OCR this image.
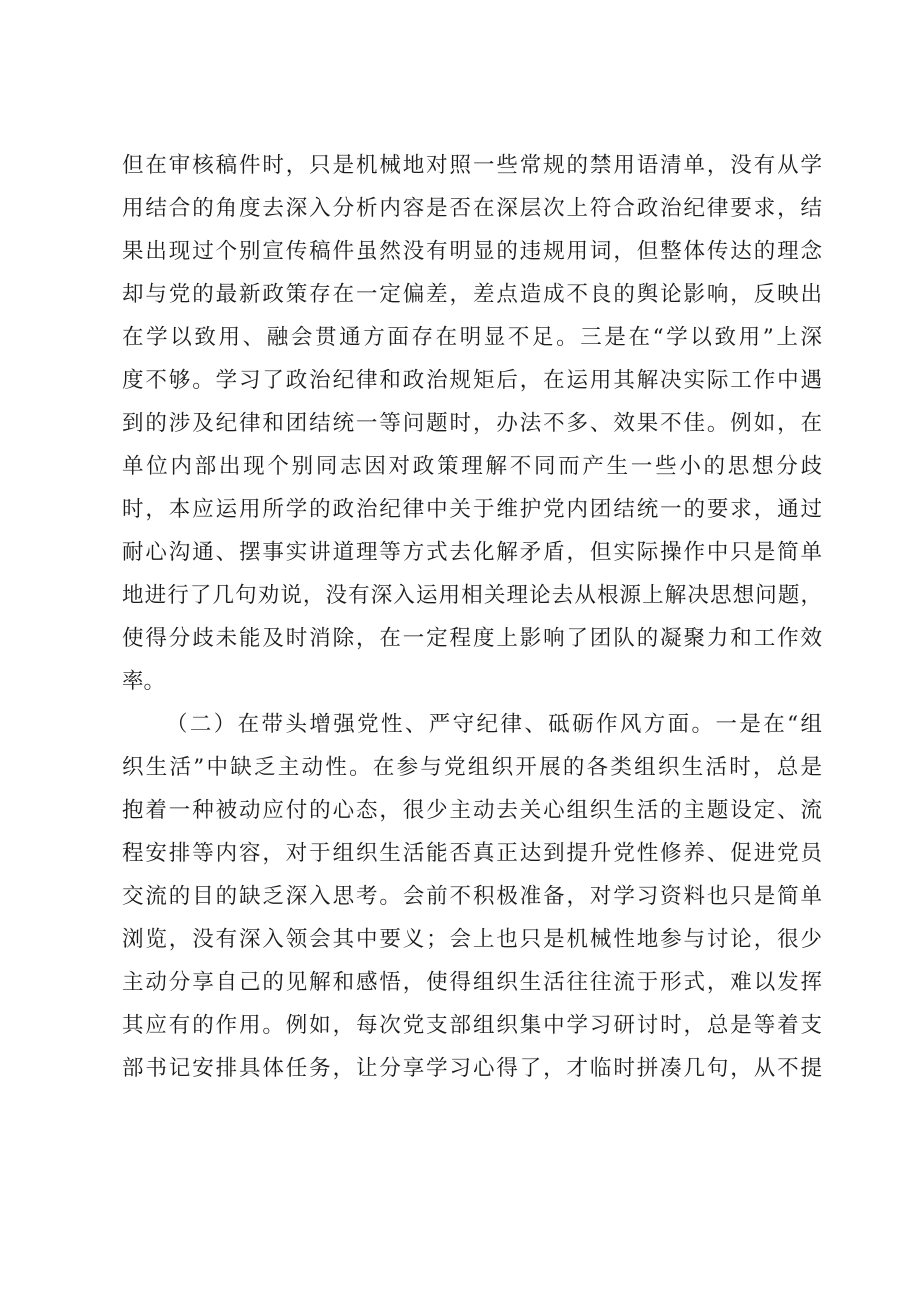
但在审核稿件时，只是机械地对照一些常规的禁用语清单，没有从学
用结合的角度去深入分析内容是否在深层次上符合政治纪律要求，结
果出现过个别宣传稿件虽然没有明显的违规用词，但整体传达的理念
却与党的最新政策存在一定偏差，差点造成不良的舆论影响，反映出
在学以致用、融会贯通方面存在明显不足。三是在“学以致用”上深
度不够。学习了政治纪律和政治规矩后，在运用其解决实际工作中遇
到的涉及纪律和团结统一等问题时，办法不多、效果不佳。例如，在
单位内部出现个别同志因对政策理解不同而产生一些小的思想分歧
时，本应运用所学的政治纪律中关于维护党内团结统一的要求，通过
耐心沟通、摆事实讲道理等方式去化解矛盾，但实际操作中只是简单
地进行了几句劝说，没有深入运用相关理论去从根源上解决思想问题，
使得分歧未能及时消除，在一定程度上影响了团队的凝聚力和工作效
率。
（二）在带头增强党性、严守纪律、砥砺作风方面。一是在“组
织生活”中缺乏主动性。在参与党组织开展的各类组织生活时，总是
抱着一种被动应付的心态，很少主动去关心组织生活的主题设定、流
程安排等内容，对于组织生活能否真正达到提升党性修养、促进党员
交流的目的缺乏深入思考。会前不积极准备，对学习资料也只是简单
浏览，没有深入领会其中要义；会上也只是机械性地参与讨论，很少
主动分享自己的见解和感悟，使得组织生活往往流于形式，难以发挥
其应有的作用。例如，每次党支部组织集中学习研讨时，总是等着支
部书记安排具体任务，让分享学习心得了，才临时拼凑几句，从不提
